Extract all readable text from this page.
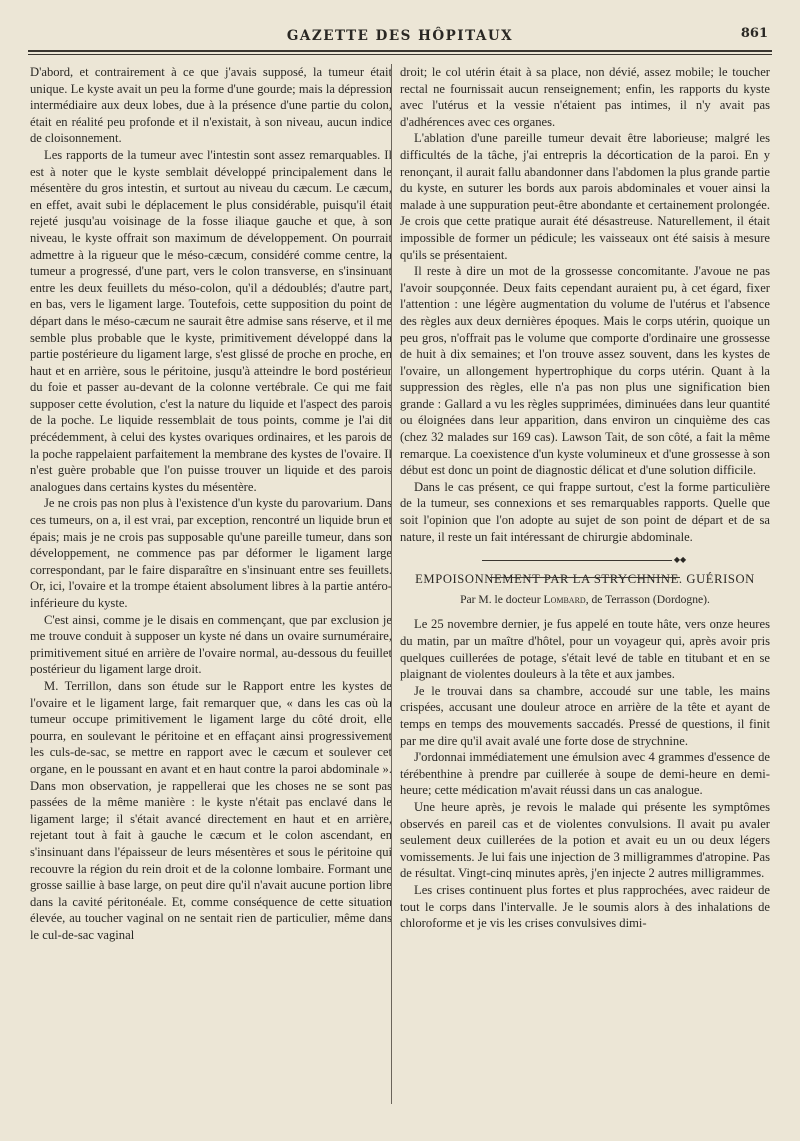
GAZETTE DES HÔPITAUX	861

D'abord, et contrairement à ce que j'avais supposé, la tumeur était unique. Le kyste avait un peu la forme d'une gourde; mais la dépression intermédiaire aux deux lobes, due à la présence d'une partie du colon, était en réalité peu profonde et il n'existait, à son niveau, aucun indice de cloisonnement.

Les rapports de la tumeur avec l'intestin sont assez remarquables. Il est à noter que le kyste semblait développé principalement dans le mésentère du gros intestin, et surtout au niveau du cæcum. Le cæcum, en effet, avait subi le déplacement le plus considérable, puisqu'il était rejeté jusqu'au voisinage de la fosse iliaque gauche et que, à son niveau, le kyste offrait son maximum de développement. On pourrait admettre à la rigueur que le méso-cæcum, considéré comme centre, la tumeur a progressé, d'une part, vers le colon transverse, en s'insinuant entre les deux feuillets du méso-colon, qu'il a dédoublés; d'autre part, en bas, vers le ligament large. Toutefois, cette supposition du point de départ dans le méso-cæcum ne saurait être admise sans réserve, et il me semble plus probable que le kyste, primitivement développé dans la partie postérieure du ligament large, s'est glissé de proche en proche, en haut et en arrière, sous le péritoine, jusqu'à atteindre le bord postérieur du foie et passer au-devant de la colonne vertébrale. Ce qui me fait supposer cette évolution, c'est la nature du liquide et l'aspect des parois de la poche. Le liquide ressemblait de tous points, comme je l'ai dit précédemment, à celui des kystes ovariques ordinaires, et les parois de la poche rappelaient parfaitement la membrane des kystes de l'ovaire. Il n'est guère probable que l'on puisse trouver un liquide et des parois analogues dans certains kystes du mésentère.

Je ne crois pas non plus à l'existence d'un kyste du parovarium. Dans ces tumeurs, on a, il est vrai, par exception, rencontré un liquide brun et épais; mais je ne crois pas supposable qu'une pareille tumeur, dans son développement, ne commence pas par déformer le ligament large correspondant, par le faire disparaître en s'insinuant entre ses feuillets. Or, ici, l'ovaire et la trompe étaient absolument libres à la partie antéro-inférieure du kyste.

C'est ainsi, comme je le disais en commençant, que par exclusion je me trouve conduit à supposer un kyste né dans un ovaire surnuméraire, primitivement situé en arrière de l'ovaire normal, au-dessous du feuillet postérieur du ligament large droit.

M. Terrillon, dans son étude sur le Rapport entre les kystes de l'ovaire et le ligament large, fait remarquer que, « dans les cas où la tumeur occupe primitivement le ligament large du côté droit, elle pourra, en soulevant le péritoine et en effaçant ainsi progressivement les culs-de-sac, se mettre en rapport avec le cæcum et soulever cet organe, en le poussant en avant et en haut contre la paroi abdominale ». Dans mon observation, je rappellerai que les choses ne se sont pas passées de la même manière : le kyste n'était pas enclavé dans le ligament large; il s'était avancé directement en haut et en arrière, rejetant tout à fait à gauche le cæcum et le colon ascendant, en s'insinuant dans l'épaisseur de leurs mésentères et sous le péritoine qui recouvre la région du rein droit et de la colonne lombaire. Formant une grosse saillie à base large, on peut dire qu'il n'avait aucune portion libre dans la cavité péritonéale. Et, comme conséquence de cette situation élevée, au toucher vaginal on ne sentait rien de particulier, même dans le cul-de-sac vaginal

droit; le col utérin était à sa place, non dévié, assez mobile; le toucher rectal ne fournissait aucun renseignement; enfin, les rapports du kyste avec l'utérus et la vessie n'étaient pas intimes, il n'y avait pas d'adhérences avec ces organes.

L'ablation d'une pareille tumeur devait être laborieuse; malgré les difficultés de la tâche, j'ai entrepris la décortication de la paroi. En y renonçant, il aurait fallu abandonner dans l'abdomen la plus grande partie du kyste, en suturer les bords aux parois abdominales et vouer ainsi la malade à une suppuration peut-être abondante et certainement prolongée. Je crois que cette pratique aurait été désastreuse. Naturellement, il était impossible de former un pédicule; les vaisseaux ont été saisis à mesure qu'ils se présentaient.

Il reste à dire un mot de la grossesse concomitante. J'avoue ne pas l'avoir soupçonnée. Deux faits cependant auraient pu, à cet égard, fixer l'attention : une légère augmentation du volume de l'utérus et l'absence des règles aux deux dernières époques. Mais le corps utérin, quoique un peu gros, n'offrait pas le volume que comporte d'ordinaire une grossesse de huit à dix semaines; et l'on trouve assez souvent, dans les kystes de l'ovaire, un allongement hypertrophique du corps utérin. Quant à la suppression des règles, elle n'a pas non plus une signification bien grande : Gallard a vu les règles supprimées, diminuées dans leur quantité ou éloignées dans leur apparition, dans environ un cinquième des cas (chez 32 malades sur 169 cas). Lawson Tait, de son côté, a fait la même remarque. La coexistence d'un kyste volumineux et d'une grossesse à son début est donc un point de diagnostic délicat et d'une solution difficile.

Dans le cas présent, ce qui frappe surtout, c'est la forme particulière de la tumeur, ses connexions et ses remarquables rapports. Quelle que soit l'opinion que l'on adopte au sujet de son point de départ et de sa nature, il reste un fait intéressant de chirurgie abdominale.

◆◆
EMPOISONNEMENT PAR LA STRYCHNINE. GUÉRISON
Par M. le docteur Lombard, de Terrasson (Dordogne).

Le 25 novembre dernier, je fus appelé en toute hâte, vers onze heures du matin, par un maître d'hôtel, pour un voyageur qui, après avoir pris quelques cuillerées de potage, s'était levé de table en titubant et en se plaignant de violentes douleurs à la tête et aux jambes.

Je le trouvai dans sa chambre, accoudé sur une table, les mains crispées, accusant une douleur atroce en arrière de la tête et ayant de temps en temps des mouvements saccadés. Pressé de questions, il finit par me dire qu'il avait avalé une forte dose de strychnine.

J'ordonnai immédiatement une émulsion avec 4 grammes d'essence de térébenthine à prendre par cuillerée à soupe de demi-heure en demi-heure; cette médication m'avait réussi dans un cas analogue.

Une heure après, je revois le malade qui présente les symptômes observés en pareil cas et de violentes convulsions. Il avait pu avaler seulement deux cuillerées de la potion et avait eu un ou deux légers vomissements. Je lui fais une injection de 3 milligrammes d'atropine. Pas de résultat. Vingt-cinq minutes après, j'en injecte 2 autres milligrammes.

Les crises continuent plus fortes et plus rapprochées, avec raideur de tout le corps dans l'intervalle. Je le soumis alors à des inhalations de chloroforme et je vis les crises convulsives dimi-
